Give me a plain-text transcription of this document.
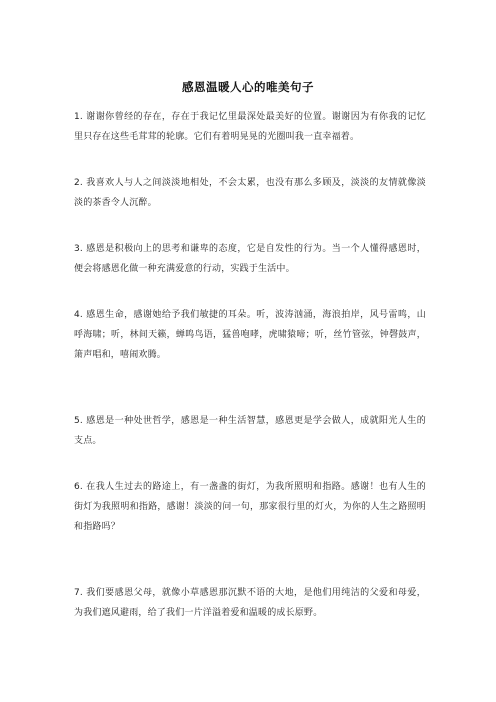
感恩温暖人心的唯美句子
1. 谢谢你曾经的存在，存在于我记忆里最深处最美好的位置。谢谢因为有你我的记忆里只存在这些毛茸茸的轮廓。它们有着明晃晃的光圈叫我一直幸福着。
2. 我喜欢人与人之间淡淡地相处，不会太累，也没有那么多顾及，淡淡的友情就像淡淡的茶香令人沉醉。
3. 感恩是积极向上的思考和谦卑的态度，它是自发性的行为。当一个人懂得感恩时，便会将感恩化做一种充满爱意的行动，实践于生活中。
4. 感恩生命，感谢她给予我们敏捷的耳朵。听，波涛汹涌，海浪拍岸，风号雷鸣，山呼海啸；听，林间天籁，蝉鸣鸟语，猛兽咆哮，虎啸猿啼；听，丝竹管弦，钟磬鼓声，箫声唱和，嘻闹欢腾。
5. 感恩是一种处世哲学，感恩是一种生活智慧，感恩更是学会做人，成就阳光人生的支点。
6. 在我人生过去的路途上，有一盏盏的街灯，为我所照明和指路。感谢！也有人生的街灯为我照明和指路，感谢！淡淡的问一句，那家很行里的灯火，为你的人生之路照明和指路吗？
7. 我们要感恩父母，就像小草感恩那沉默不语的大地，是他们用纯洁的父爱和母爱，为我们遮风避雨，给了我们一片洋溢着爱和温暖的成长原野。
